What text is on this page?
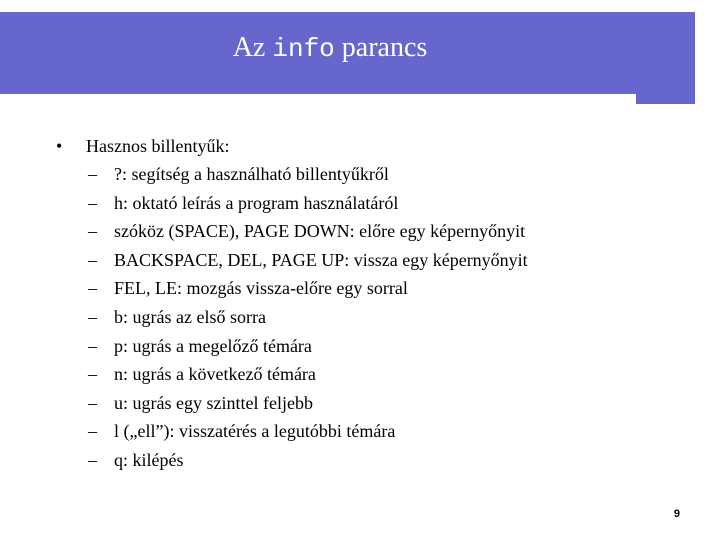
Az info parancs
•	Hasznos billentyűk:
– ?: segítség a használható billentyűkről
– h: oktató leírás a program használatáról
– szóköz (SPACE), PAGE DOWN: előre egy képernyőnyit
– BACKSPACE, DEL, PAGE UP: vissza egy képernyőnyit
– FEL, LE: mozgás vissza-előre egy sorral
– b: ugrás az első sorra
– p: ugrás a megelőző témára
– n: ugrás a következő témára
– u: ugrás egy szinttel feljebb
– l („ell”): visszatérés a legutóbbi témára
– q: kilépés
9
